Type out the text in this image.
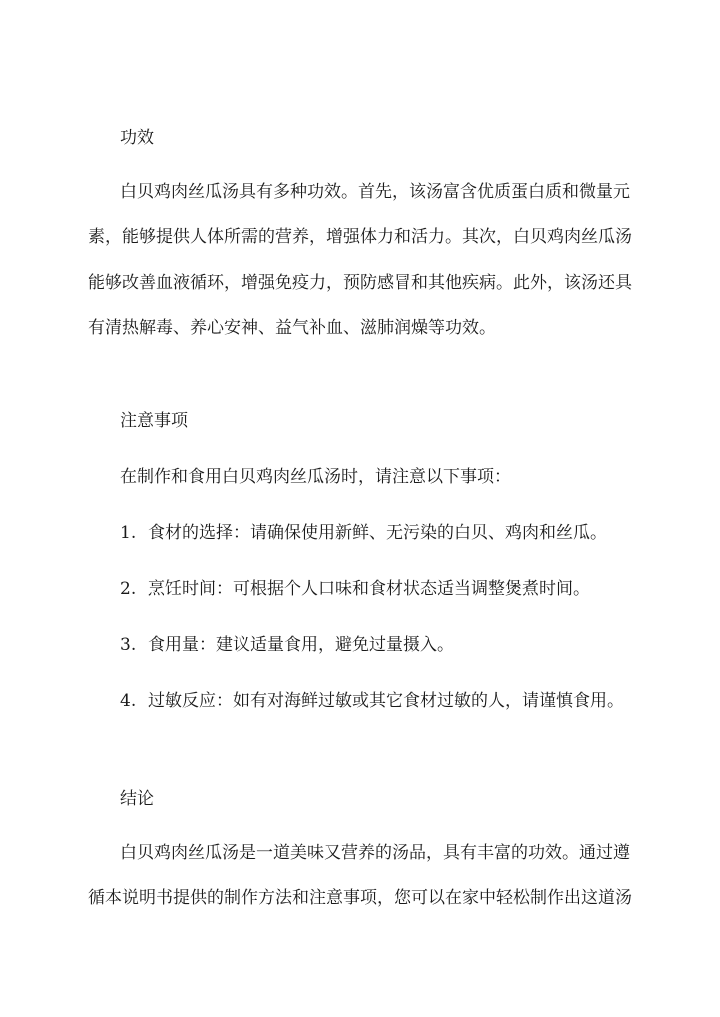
功效
白贝鸡肉丝瓜汤具有多种功效。首先，该汤富含优质蛋白质和微量元
素，能够提供人体所需的营养，增强体力和活力。其次，白贝鸡肉丝瓜汤
能够改善血液循环，增强免疫力，预防感冒和其他疾病。此外，该汤还具
有清热解毒、养心安神、益气补血、滋肺润燥等功效。
注意事项
在制作和食用白贝鸡肉丝瓜汤时，请注意以下事项：
1. 食材的选择：请确保使用新鲜、无污染的白贝、鸡肉和丝瓜。
2. 烹饪时间：可根据个人口味和食材状态适当调整煲煮时间。
3. 食用量：建议适量食用，避免过量摄入。
4. 过敏反应：如有对海鲜过敏或其它食材过敏的人，请谨慎食用。
结论
白贝鸡肉丝瓜汤是一道美味又营养的汤品，具有丰富的功效。通过遵
循本说明书提供的制作方法和注意事项，您可以在家中轻松制作出这道汤
